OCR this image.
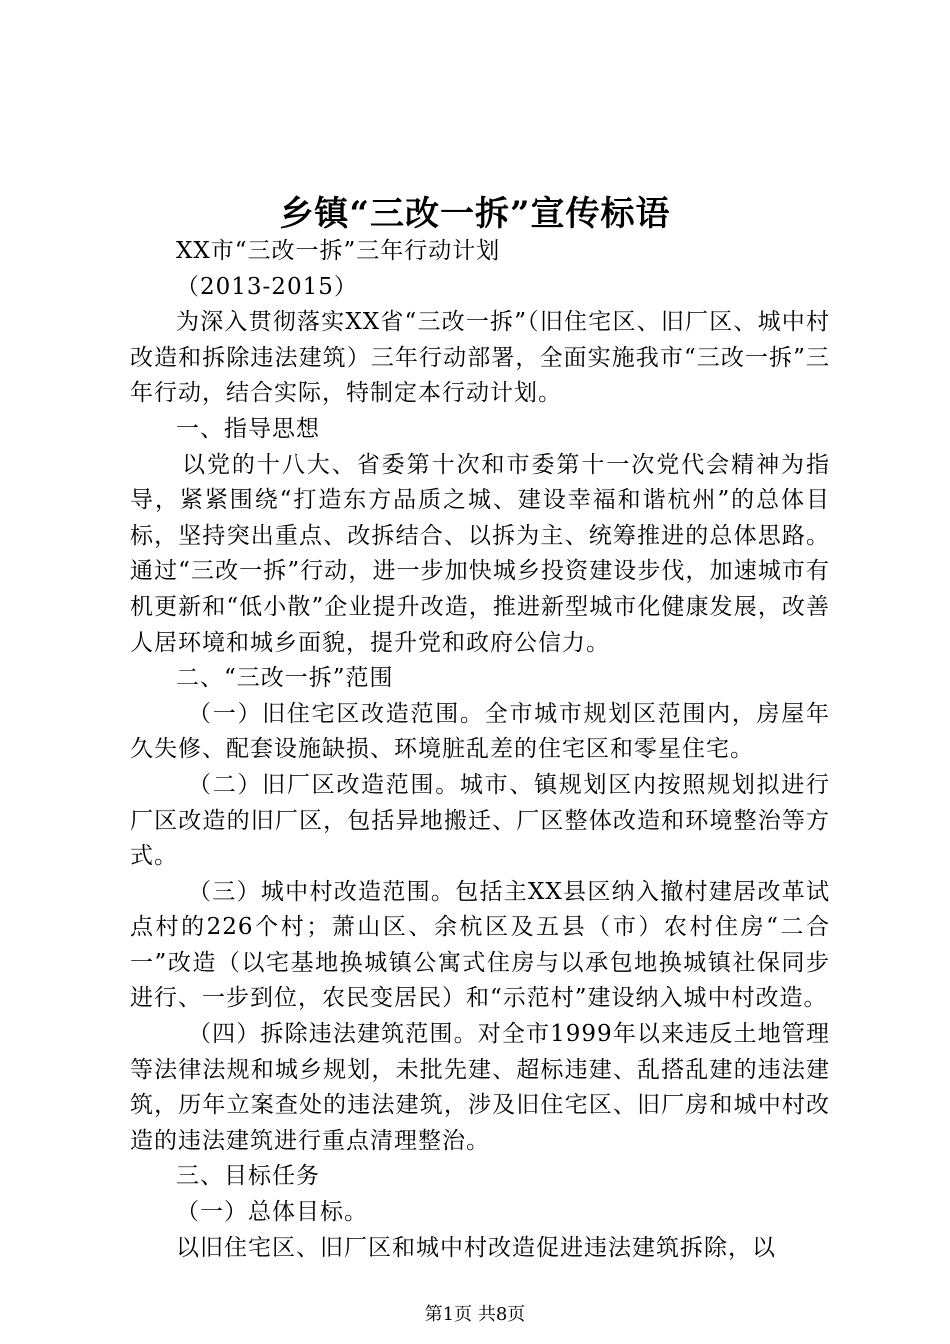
乡镇“三改一拆”宣传标语

XX市“三改一拆”三年行动计划

（2013-2015）

为深入贯彻落实XX省“三改一拆”（旧住宅区、旧厂区、城中村改造和拆除违法建筑）三年行动部署，全面实施我市“三改一拆”三年行动，结合实际，特制定本行动计划。

一、指导思想

以党的十八大、省委第十次和市委第十一次党代会精神为指导，紧紧围绕“打造东方品质之城、建设幸福和谐杭州”的总体目标，坚持突出重点、改拆结合、以拆为主、统筹推进的总体思路。通过“三改一拆”行动，进一步加快城乡投资建设步伐，加速城市有机更新和“低小散”企业提升改造，推进新型城市化健康发展，改善人居环境和城乡面貌，提升党和政府公信力。

二、“三改一拆”范围

（一）旧住宅区改造范围。全市城市规划区范围内，房屋年久失修、配套设施缺损、环境脏乱差的住宅区和零星住宅。

（二）旧厂区改造范围。城市、镇规划区内按照规划拟进行厂区改造的旧厂区，包括异地搬迁、厂区整体改造和环境整治等方式。

（三）城中村改造范围。包括主XX县区纳入撤村建居改革试点村的226个村；萧山区、余杭区及五县（市）农村住房“二合一”改造（以宅基地换城镇公寓式住房与以承包地换城镇社保同步进行、一步到位，农民变居民）和“示范村”建设纳入城中村改造。

（四）拆除违法建筑范围。对全市1999年以来违反土地管理等法律法规和城乡规划，未批先建、超标违建、乱搭乱建的违法建筑，历年立案查处的违法建筑，涉及旧住宅区、旧厂房和城中村改造的违法建筑进行重点清理整治。

三、目标任务

（一）总体目标。

以旧住宅区、旧厂区和城中村改造促进违法建筑拆除，以

第1页 共8页
